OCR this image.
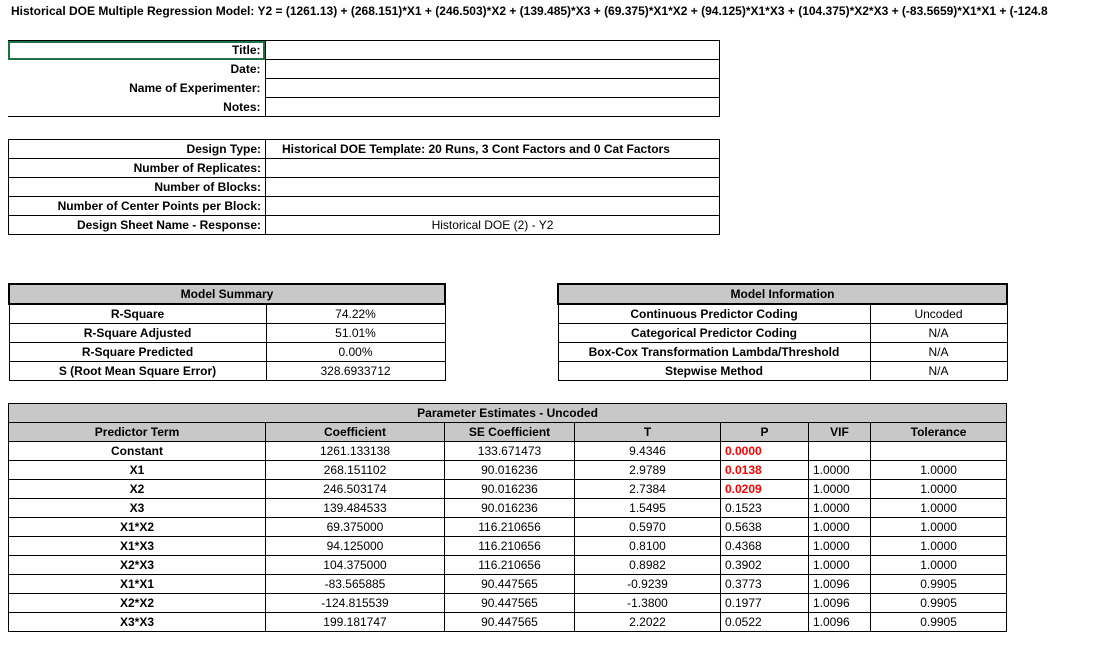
Historical DOE Multiple Regression Model: Y2 = (1261.13) + (268.151)*X1 + (246.503)*X2 + (139.485)*X3 + (69.375)*X1*X2 + (94.125)*X1*X3 + (104.375)*X2*X3 + (-83.5659)*X1*X1 + (-124.8
Title:	
Date:	
Name of Experimenter:	
Notes:	
Design Type:	Historical DOE Template: 20 Runs, 3 Cont Factors and 0 Cat Factors
Number of Replicates:	
Number of Blocks:	
Number of Center Points per Block:	
Design Sheet Name - Response:	Historical DOE (2) - Y2
Model Summary	
R-Square	74.22%
R-Square Adjusted	51.01%
R-Square Predicted	0.00%
S (Root Mean Square Error)	328.6933712
Model Information	
Continuous Predictor Coding	Uncoded
Categorical Predictor Coding	N/A
Box-Cox Transformation Lambda/Threshold	N/A
Stepwise Method	N/A
Parameter Estimates - Uncoded						
Predictor Term	Coefficient	SE Coefficient	T	P	VIF	Tolerance
Constant	1261.133138	133.671473	9.4346	0.0000		
X1	268.151102	90.016236	2.9789	0.0138	1.0000	1.0000
X2	246.503174	90.016236	2.7384	0.0209	1.0000	1.0000
X3	139.484533	90.016236	1.5495	0.1523	1.0000	1.0000
X1*X2	69.375000	116.210656	0.5970	0.5638	1.0000	1.0000
X1*X3	94.125000	116.210656	0.8100	0.4368	1.0000	1.0000
X2*X3	104.375000	116.210656	0.8982	0.3902	1.0000	1.0000
X1*X1	-83.565885	90.447565	-0.9239	0.3773	1.0096	0.9905
X2*X2	-124.815539	90.447565	-1.3800	0.1977	1.0096	0.9905
X3*X3	199.181747	90.447565	2.2022	0.0522	1.0096	0.9905
